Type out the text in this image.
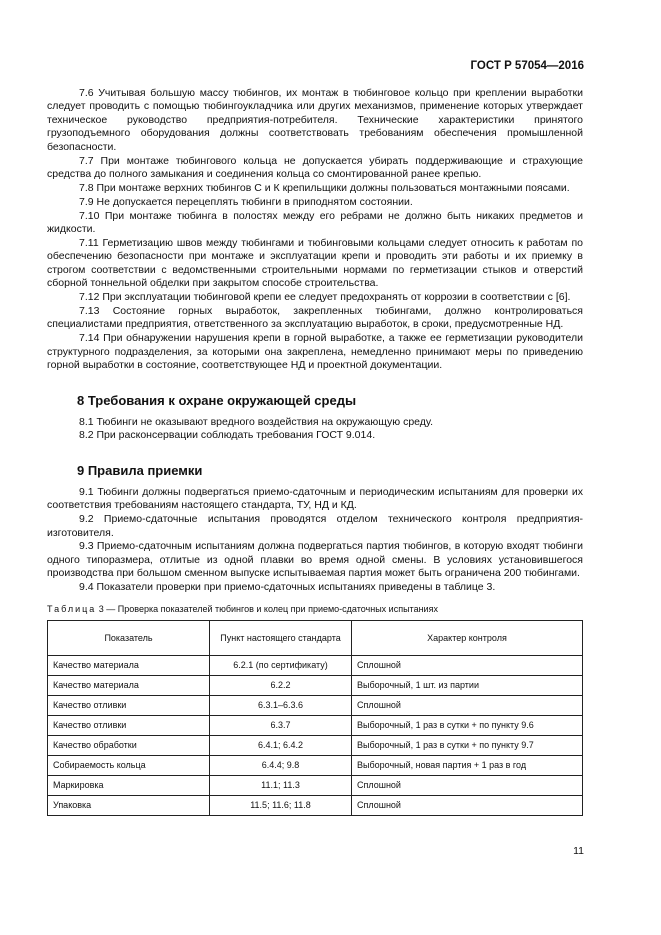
ГОСТ Р 57054—2016

7.6 Учитывая большую массу тюбингов, их монтаж в тюбинговое кольцо при креплении выработки следует проводить с помощью тюбингоукладчика или других механизмов, применение которых утверждает техническое руководство предприятия-потребителя. Технические характеристики принятого грузоподъемного оборудования должны соответствовать требованиям обеспечения промышленной безопасности.

7.7 При монтаже тюбингового кольца не допускается убирать поддерживающие и страхующие средства до полного замыкания и соединения кольца со смонтированной ранее крепью.

7.8 При монтаже верхних тюбингов С и К крепильщики должны пользоваться монтажными поясами.

7.9 Не допускается перецеплять тюбинги в приподнятом состоянии.

7.10 При монтаже тюбинга в полостях между его ребрами не должно быть никаких предметов и жидкости.

7.11 Герметизацию швов между тюбингами и тюбинговыми кольцами следует относить к работам по обеспечению безопасности при монтаже и эксплуатации крепи и проводить эти работы и их приемку в строгом соответствии с ведомственными строительными нормами по герметизации стыков и отверстий сборной тоннельной обделки при закрытом способе строительства.

7.12 При эксплуатации тюбинговой крепи ее следует предохранять от коррозии в соответствии с [6].

7.13 Состояние горных выработок, закрепленных тюбингами, должно контролироваться специалистами предприятия, ответственного за эксплуатацию выработок, в сроки, предусмотренные НД.

7.14 При обнаружении нарушения крепи в горной выработке, а также ее герметизации руководители структурного подразделения, за которыми она закреплена, немедленно принимают меры по приведению горной выработки в состояние, соответствующее НД и проектной документации.

8 Требования к охране окружающей среды

8.1 Тюбинги не оказывают вредного воздействия на окружающую среду.

8.2 При расконсервации соблюдать требования ГОСТ 9.014.

9 Правила приемки

9.1 Тюбинги должны подвергаться приемо-сдаточным и периодическим испытаниям для проверки их соответствия требованиям настоящего стандарта, ТУ, НД и КД.

9.2 Приемо-сдаточные испытания проводятся отделом технического контроля предприятия-изготовителя.

9.3 Приемо-сдаточным испытаниям должна подвергаться партия тюбингов, в которую входят тюбинги одного типоразмера, отлитые из одной плавки во время одной смены. В условиях установившегося производства при большом сменном выпуске испытываемая партия может быть ограничена 200 тюбингами.

9.4 Показатели проверки при приемо-сдаточных испытаниях приведены в таблице 3.

Таблица 3 — Проверка показателей тюбингов и колец при приемо-сдаточных испытаниях
Показатель	Пункт настоящего стандарта	Характер контроля
Качество материала	6.2.1 (по сертификату)	Сплошной
Качество материала	6.2.2	Выборочный, 1 шт. из партии
Качество отливки	6.3.1–6.3.6	Сплошной
Качество отливки	6.3.7	Выборочный, 1 раз в сутки + по пункту 9.6
Качество обработки	6.4.1; 6.4.2	Выборочный, 1 раз в сутки + по пункту 9.7
Собираемость кольца	6.4.4; 9.8	Выборочный, новая партия + 1 раз в год
Маркировка	11.1; 11.3	Сплошной
Упаковка	11.5; 11.6; 11.8	Сплошной
11
